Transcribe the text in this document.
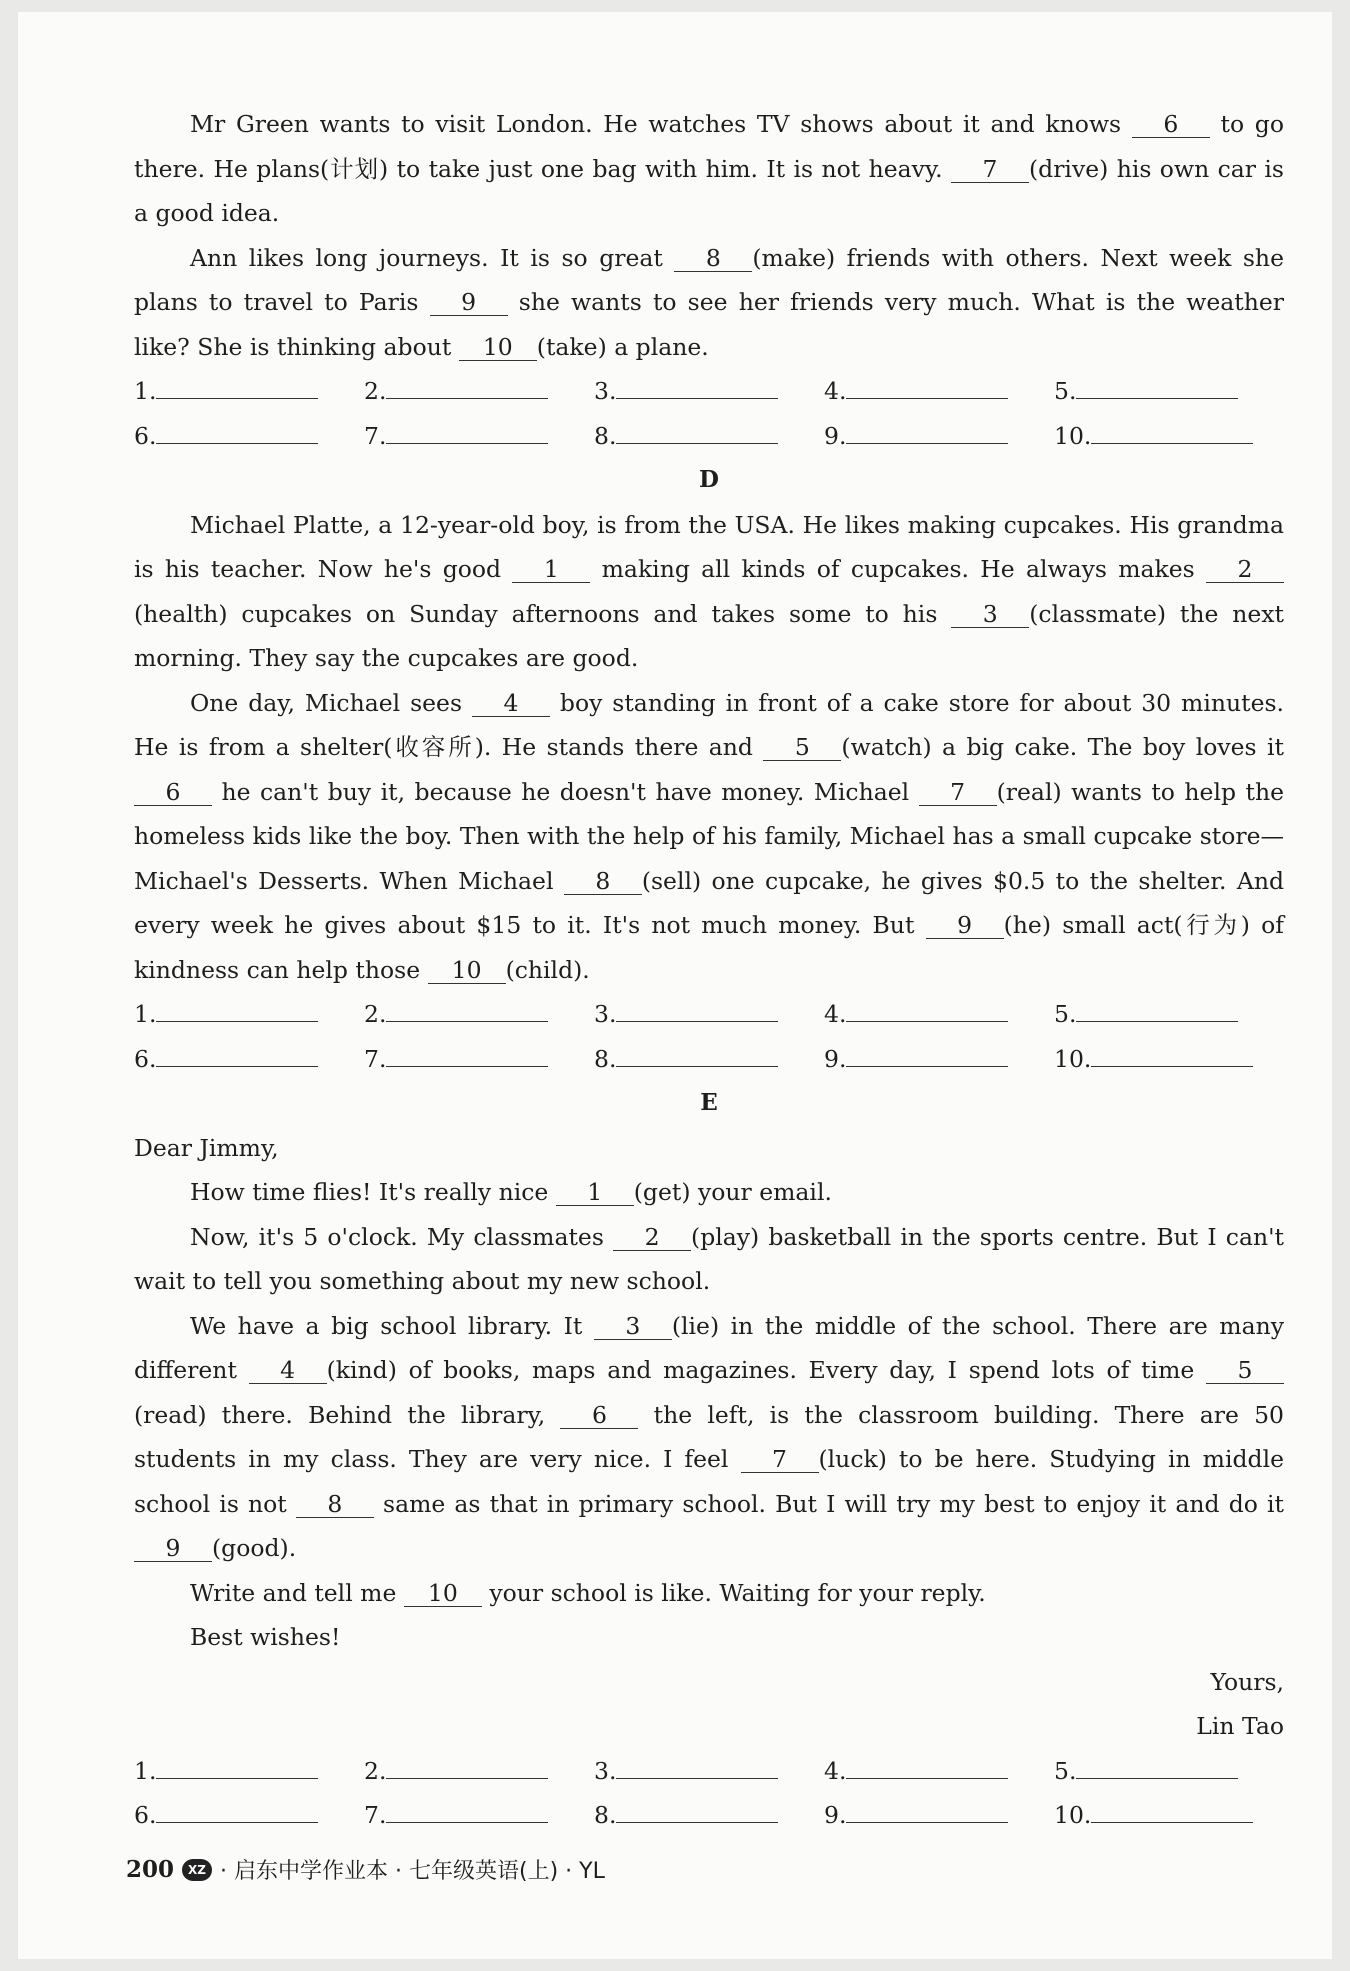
Mr Green wants to visit London. He watches TV shows about it and knows 6 to go there. He plans(计划) to take just one bag with him. It is not heavy. 7 (drive) his own car is a good idea.

Ann likes long journeys. It is so great 8 (make) friends with others. Next week she plans to travel to Paris 9 she wants to see her friends very much. What is the weather like? She is thinking about 10 (take) a plane.

1.	2.	3.	4.	5.
6.	7.	8.	9.	10.
D

Michael Platte, a 12-year-old boy, is from the USA. He likes making cupcakes. His grandma is his teacher. Now he's good 1 making all kinds of cupcakes. He always makes 2(health) cupcakes on Sunday afternoons and takes some to his 3 (classmate) the next morning. They say the cupcakes are good.

One day, Michael sees 4 boy standing in front of a cake store for about 30 minutes. He is from a shelter(收容所). He stands there and 5 (watch) a big cake. The boy loves it 6 he can't buy it, because he doesn't have money. Michael 7 (real) wants to help the homeless kids like the boy. Then with the help of his family, Michael has a small cupcake store—Michael's Desserts. When Michael 8 (sell) one cupcake, he gives $0.5 to the shelter. And every week he gives about $15 to it. It's not much money. But 9 (he) small act(行为) of kindness can help those 10 (child).

1.	2.	3.	4.	5.
6.	7.	8.	9.	10.
E

Dear Jimmy,

How time flies! It's really nice 1 (get) your email.

Now, it's 5 o'clock. My classmates 2 (play) basketball in the sports centre. But I can't wait to tell you something about my new school.

We have a big school library. It 3 (lie) in the middle of the school. There are many different 4 (kind) of books, maps and magazines. Every day, I spend lots of time 5(read) there. Behind the library, 6 the left, is the classroom building. There are 50 students in my class. They are very nice. I feel 7 (luck) to be here. Studying in middle school is not 8 same as that in primary school. But I will try my best to enjoy it and do it 9 (good).

Write and tell me 10 your school is like. Waiting for your reply.

Best wishes!

Yours,

Lin Tao

1.	2.	3.	4.	5.
6.	7.	8.	9.	10.
200	XZ · 启东中学作业本 · 七年级英语(上) · YL
